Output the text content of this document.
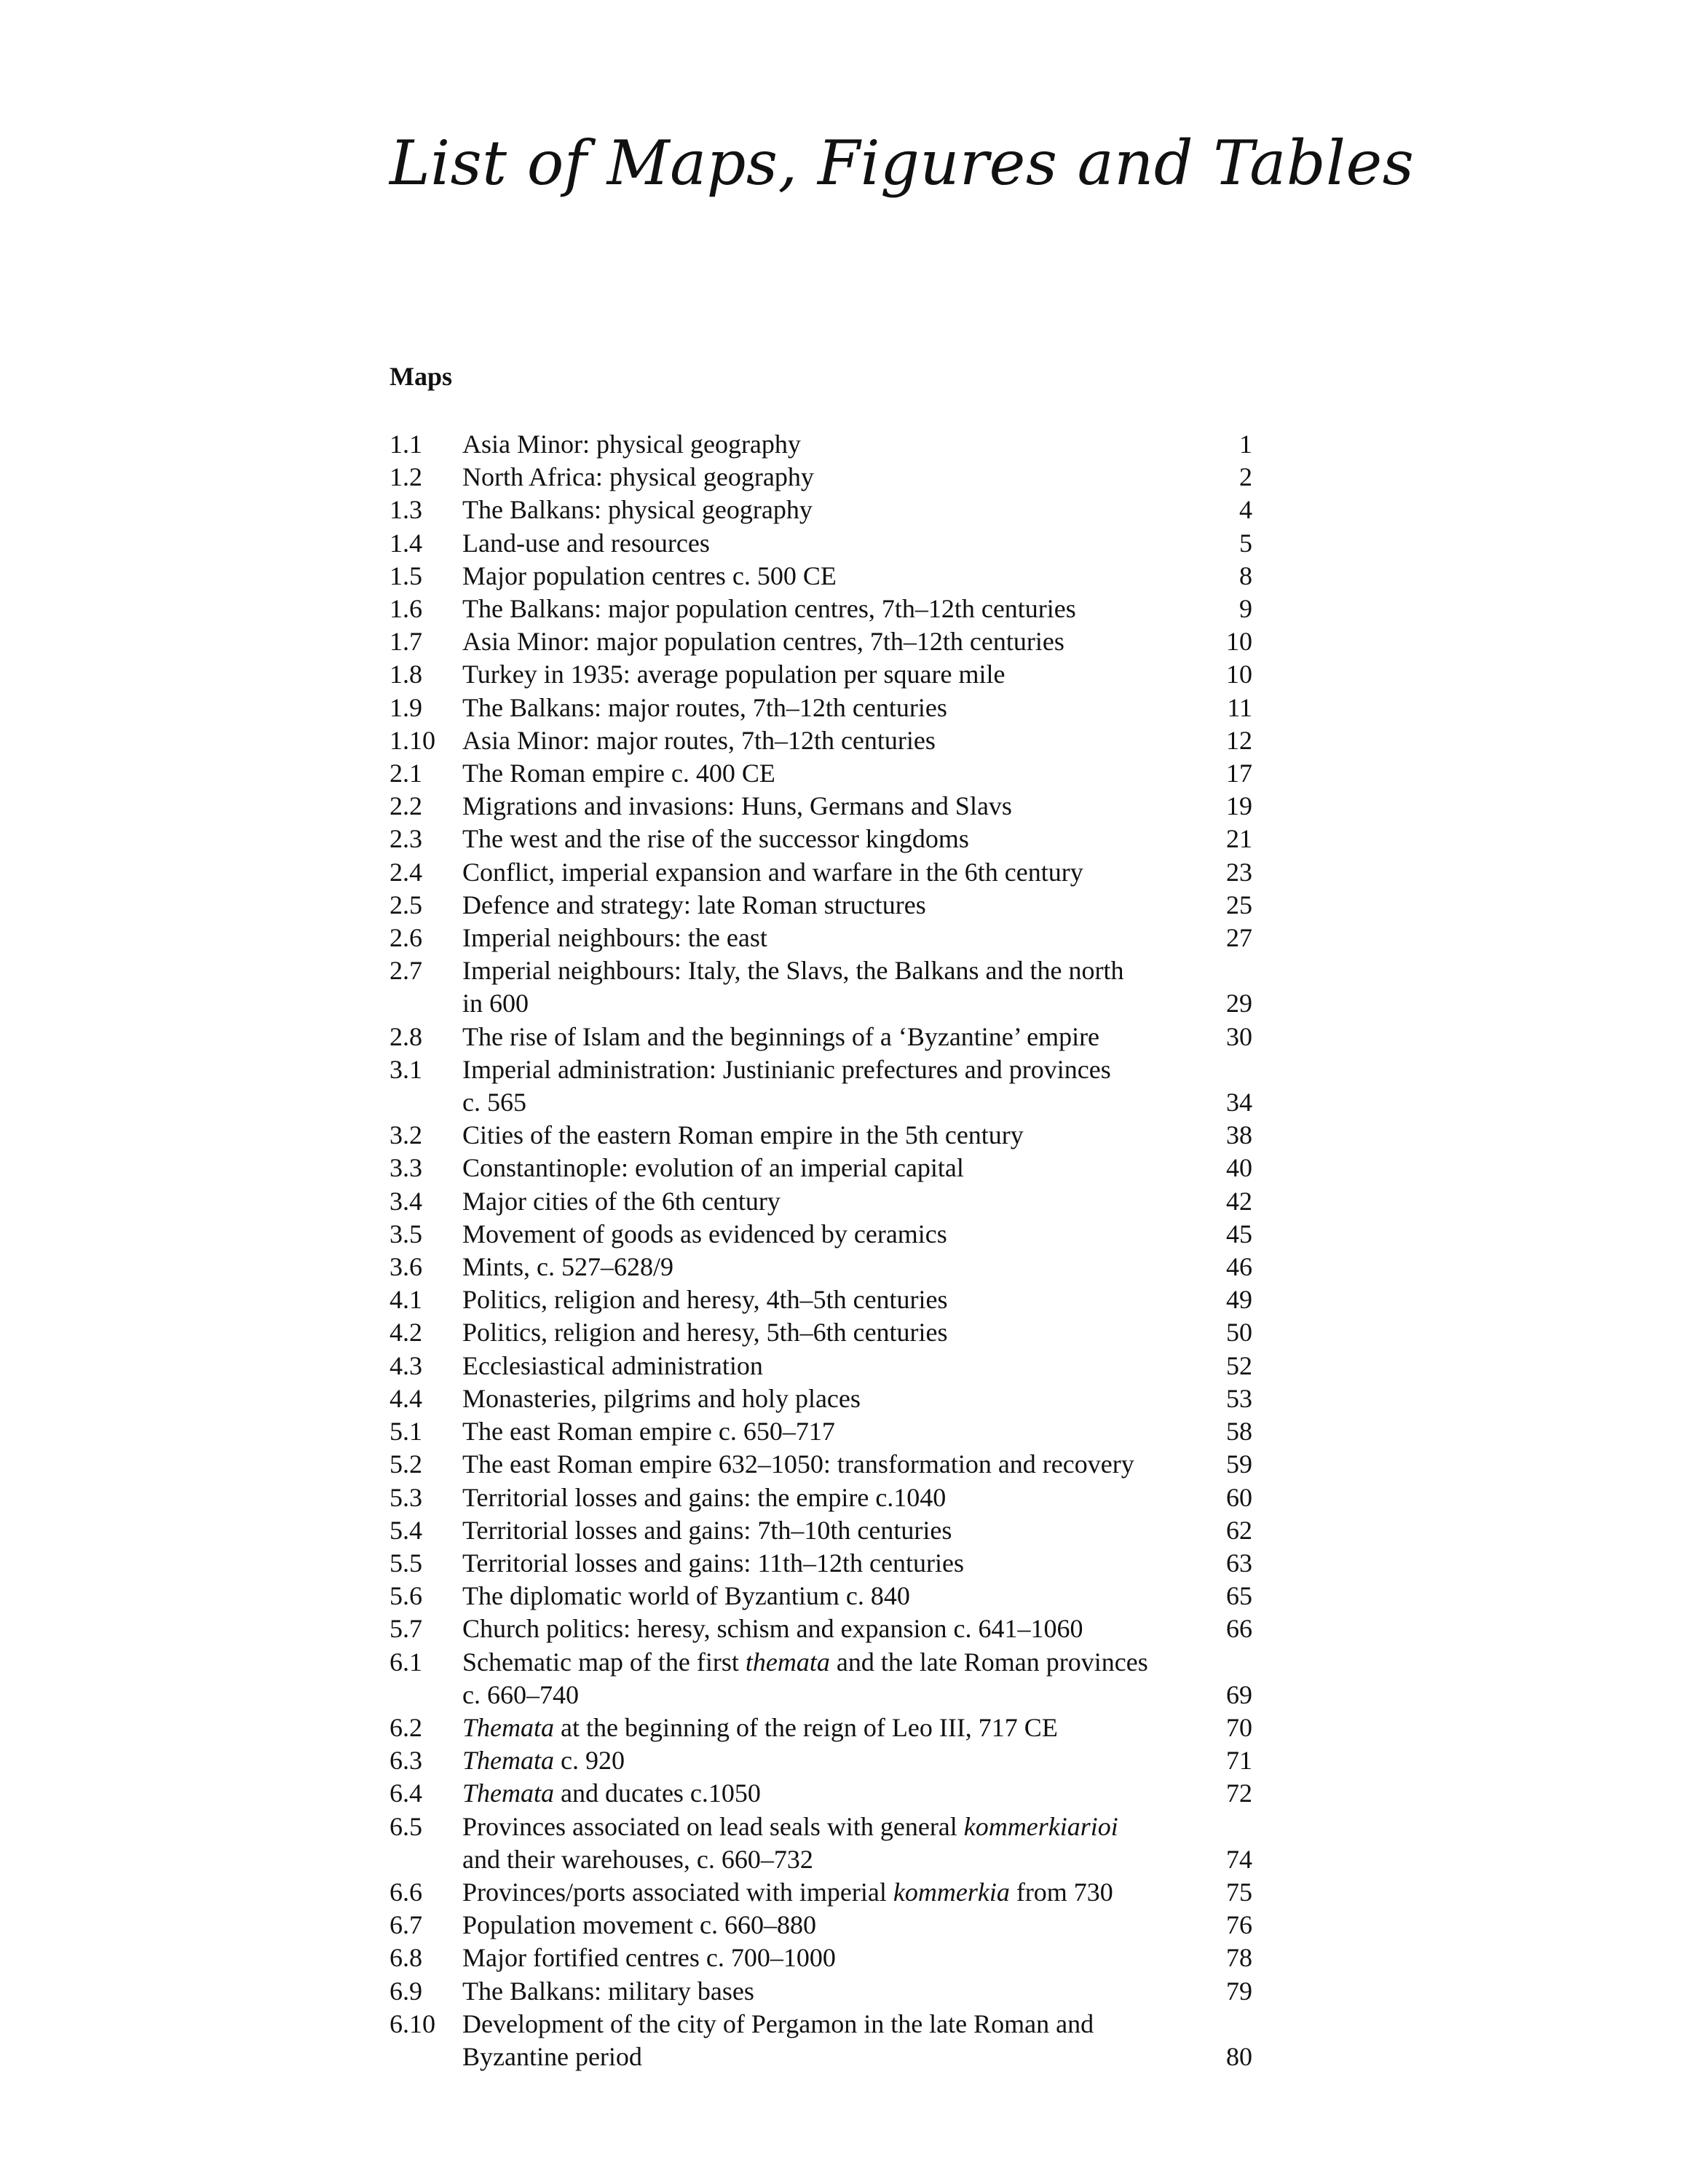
List of Maps, Figures and Tables
Maps
1.1	Asia Minor: physical geography	1
1.2	North Africa: physical geography	2
1.3	The Balkans: physical geography	4
1.4	Land-use and resources	5
1.5	Major population centres c. 500 CE	8
1.6	The Balkans: major population centres, 7th–12th centuries	9
1.7	Asia Minor: major population centres, 7th–12th centuries	10
1.8	Turkey in 1935: average population per square mile	10
1.9	The Balkans: major routes, 7th–12th centuries	11
1.10	Asia Minor: major routes, 7th–12th centuries	12
2.1	The Roman empire c. 400 CE	17
2.2	Migrations and invasions: Huns, Germans and Slavs	19
2.3	The west and the rise of the successor kingdoms	21
2.4	Conflict, imperial expansion and warfare in the 6th century	23
2.5	Defence and strategy: late Roman structures	25
2.6	Imperial neighbours: the east	27
2.7	Imperial neighbours: Italy, the Slavs, the Balkans and the north
in 600	29
2.8	The rise of Islam and the beginnings of a ‘Byzantine’ empire	30
3.1	Imperial administration: Justinianic prefectures and provinces
c. 565	34
3.2	Cities of the eastern Roman empire in the 5th century	38
3.3	Constantinople: evolution of an imperial capital	40
3.4	Major cities of the 6th century	42
3.5	Movement of goods as evidenced by ceramics	45
3.6	Mints, c. 527–628/9	46
4.1	Politics, religion and heresy, 4th–5th centuries	49
4.2	Politics, religion and heresy, 5th–6th centuries	50
4.3	Ecclesiastical administration	52
4.4	Monasteries, pilgrims and holy places	53
5.1	The east Roman empire c. 650–717	58
5.2	The east Roman empire 632–1050: transformation and recovery	59
5.3	Territorial losses and gains: the empire c.1040	60
5.4	Territorial losses and gains: 7th–10th centuries	62
5.5	Territorial losses and gains: 11th–12th centuries	63
5.6	The diplomatic world of Byzantium c. 840	65
5.7	Church politics: heresy, schism and expansion c. 641–1060	66
6.1	Schematic map of the first themata and the late Roman provinces
c. 660–740	69
6.2	Themata at the beginning of the reign of Leo III, 717 CE	70
6.3	Themata c. 920	71
6.4	Themata and ducates c.1050	72
6.5	Provinces associated on lead seals with general kommerkiarioi
and their warehouses, c. 660–732	74
6.6	Provinces/ports associated with imperial kommerkia from 730	75
6.7	Population movement c. 660–880	76
6.8	Major fortified centres c. 700–1000	78
6.9	The Balkans: military bases	79
6.10	Development of the city of Pergamon in the late Roman and
Byzantine period	80
